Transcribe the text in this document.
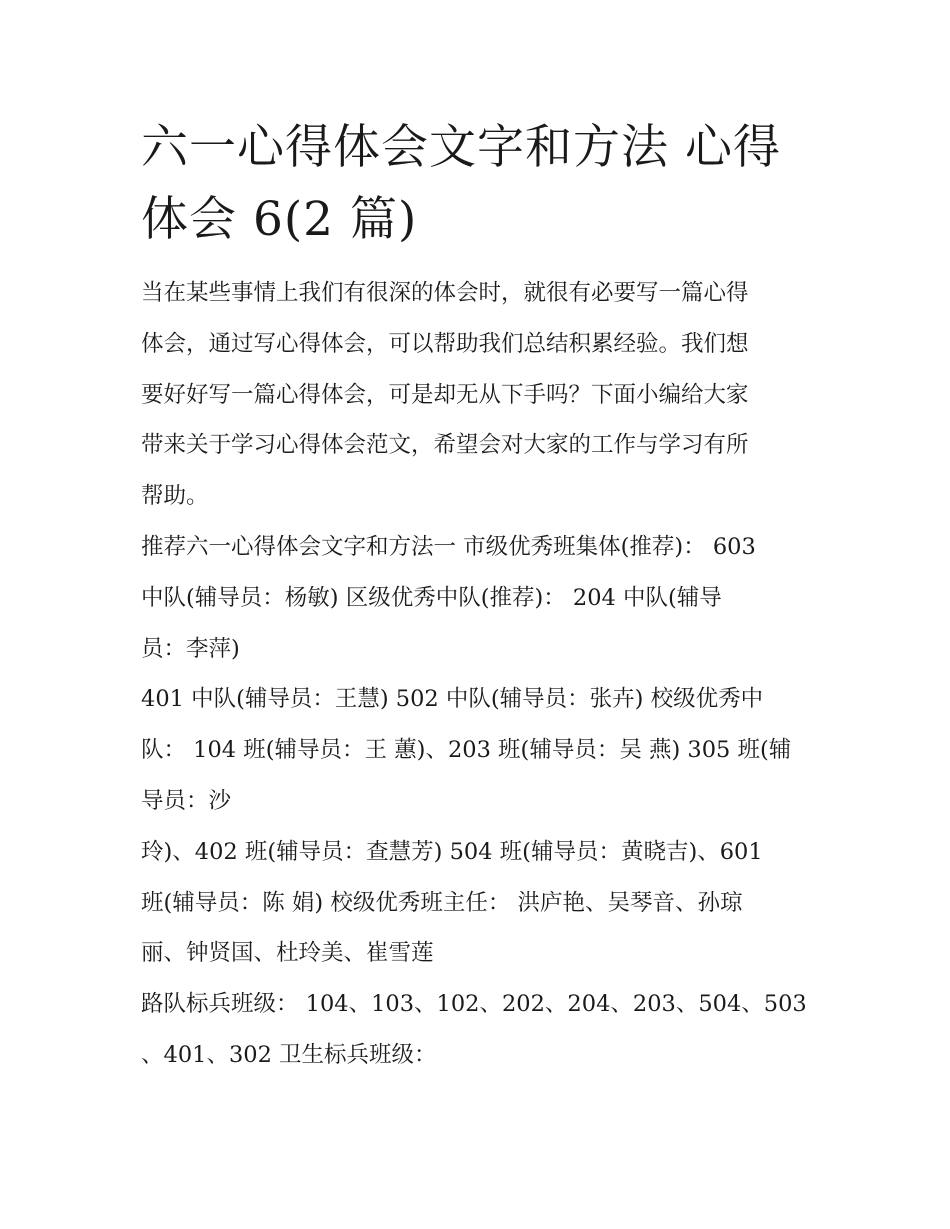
六一心得体会文字和方法 心得
体会 6(2 篇)

当在某些事情上我们有很深的体会时，就很有必要写一篇心得
体会，通过写心得体会，可以帮助我们总结积累经验。我们想
要好好写一篇心得体会，可是却无从下手吗？下面小编给大家
带来关于学习心得体会范文，希望会对大家的工作与学习有所
帮助。

推荐六一心得体会文字和方法一 市级优秀班集体(推荐)： 603
中队(辅导员：杨敏) 区级优秀中队(推荐)： 204 中队(辅导
员：李萍)

401 中队(辅导员：王慧) 502 中队(辅导员：张卉) 校级优秀中
队： 104 班(辅导员：王 蕙)、203 班(辅导员：吴 燕) 305 班(辅
导员：沙

玲)、402 班(辅导员：查慧芳) 504 班(辅导员：黄晓吉)、601
班(辅导员：陈 娟) 校级优秀班主任： 洪庐艳、吴琴音、孙琼
丽、钟贤国、杜玲美、崔雪莲

路队标兵班级： 104、103、102、202、204、203、504、503
、401、302 卫生标兵班级：
